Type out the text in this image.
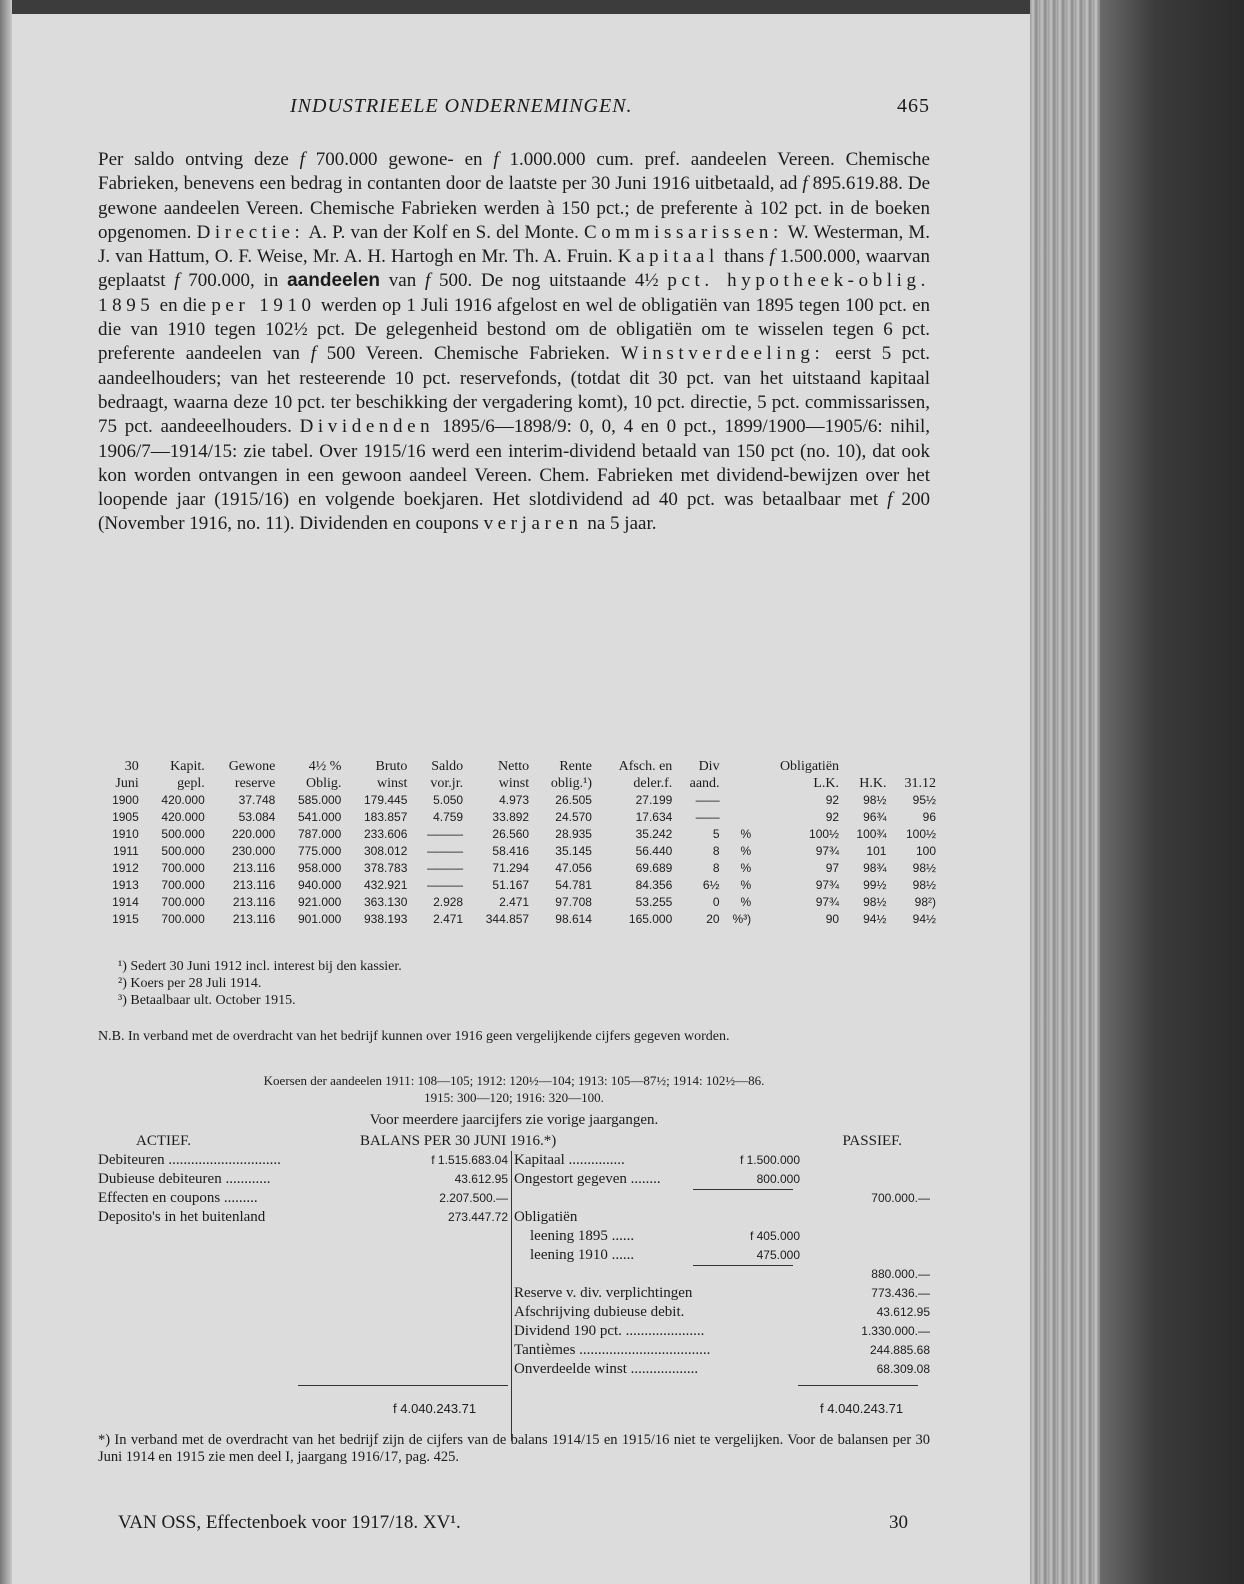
INDUSTRIEELE ONDERNEMINGEN.	465

Per saldo ontving deze f 700.000 gewone- en f 1.000.000 cum. pref. aandeelen Vereen. Chemische Fabrieken, benevens een bedrag in contanten door de laatste per 30 Juni 1916 uitbetaald, ad f 895.619.88. De gewone aandeelen Vereen. Chemische Fabrieken werden à 150 pct.; de preferente à 102 pct. in de boeken opgenomen. Directie: A. P. van der Kolf en S. del Monte. Commissarissen: W. Westerman, M. J. van Hattum, O. F. Weise, Mr. A. H. Hartogh en Mr. Th. A. Fruin. Kapitaal thans f 1.500.000, waarvan geplaatst f 700.000, in aandeelen van f 500. De nog uitstaande 4½ pct. hypotheek-oblig. 1895 en die per 1910 werden op 1 Juli 1916 afgelost en wel de obligatiën van 1895 tegen 100 pct. en die van 1910 tegen 102½ pct. De gelegenheid bestond om de obligatiën om te wisselen tegen 6 pct. preferente aandeelen van f 500 Vereen. Chemische Fabrieken. Winstverdeeling: eerst 5 pct. aandeelhouders; van het resteerende 10 pct. reservefonds, (totdat dit 30 pct. van het uitstaand kapitaal bedraagt, waarna deze 10 pct. ter beschikking der vergadering komt), 10 pct. directie, 5 pct. commissarissen, 75 pct. aandeeelhouders. Dividenden 1895/6—1898/9: 0, 0, 4 en 0 pct., 1899/1900—1905/6: nihil, 1906/7—1914/15: zie tabel. Over 1915/16 werd een interim-dividend betaald van 150 pct (no. 10), dat ook kon worden ontvangen in een gewoon aandeel Vereen. Chem. Fabrieken met dividend-bewijzen over het loopende jaar (1915/16) en volgende boekjaren. Het slotdividend ad 40 pct. was betaalbaar met f 200 (November 1916, no. 11). Dividenden en coupons verjaren na 5 jaar.

30	Kapit.	Gewone	4½ %	Bruto	Saldo	Netto	Rente	Afsch. en	Div		Obligatiën		
Juni	gepl.	reserve	Oblig.	winst	vor.jr.	winst	oblig.¹)	deler.f.	aand.		L.K.	H.K.	31.12
1900	420.000	37.748	585.000	179.445	5.050	4.973	26.505	27.199	——		92	98½	95½
1905	420.000	53.084	541.000	183.857	4.759	33.892	24.570	17.634	——		92	96¾	96
1910	500.000	220.000	787.000	233.606	———	26.560	28.935	35.242	5	%	100½	100¾	100½
1911	500.000	230.000	775.000	308.012	———	58.416	35.145	56.440	8	%	97¾	101	100
1912	700.000	213.116	958.000	378.783	———	71.294	47.056	69.689	8	%	97	98¾	98½
1913	700.000	213.116	940.000	432.921	———	51.167	54.781	84.356	6½	%	97¾	99½	98½
1914	700.000	213.116	921.000	363.130	2.928	2.471	97.708	53.255	0	%	97¾	98½	98²)
1915	700.000	213.116	901.000	938.193	2.471	344.857	98.614	165.000	20	%³)	90	94½	94½
¹) Sedert 30 Juni 1912 incl. interest bij den kassier.
²) Koers per 28 Juli 1914.
³) Betaalbaar ult. October 1915.
N.B. In verband met de overdracht van het bedrijf kunnen over 1916 geen vergelijkende cijfers gegeven worden.
Koersen der aandeelen 1911: 108—105; 1912: 120½—104; 1913: 105—87½; 1914: 102½—86.
1915: 300—120; 1916: 320—100.
Voor meerdere jaarcijfers zie vorige jaargangen.
ACTIEF.	BALANS PER 30 JUNI 1916.*)	PASSIEF.
Debiteuren ..............................	f 1.515.683.04
Dubieuse debiteuren ............	43.612.95
Effecten en coupons .........	2.207.500.—
Deposito's in het buitenland	273.447.72
Kapitaal ...............	f 1.500.000
Ongestort gegeven ........	800.000
700.000.—
Obligatiën
leening 1895 ......	f 405.000
leening 1910 ......	475.000
880.000.—
Reserve v. div. verplichtingen	773.436.—
Afschrijving dubieuse debit.	43.612.95
Dividend 190 pct. .....................	1.330.000.—
Tantièmes ...................................	244.885.68
Onverdeelde winst ..................	68.309.08
f 4.040.243.71	f 4.040.243.71
*) In verband met de overdracht van het bedrijf zijn de cijfers van de balans 1914/15 en 1915/16 niet te vergelijken. Voor de balansen per 30 Juni 1914 en 1915 zie men deel I, jaargang 1916/17, pag. 425.
VAN OSS, Effectenboek voor 1917/18. XV¹.	30
